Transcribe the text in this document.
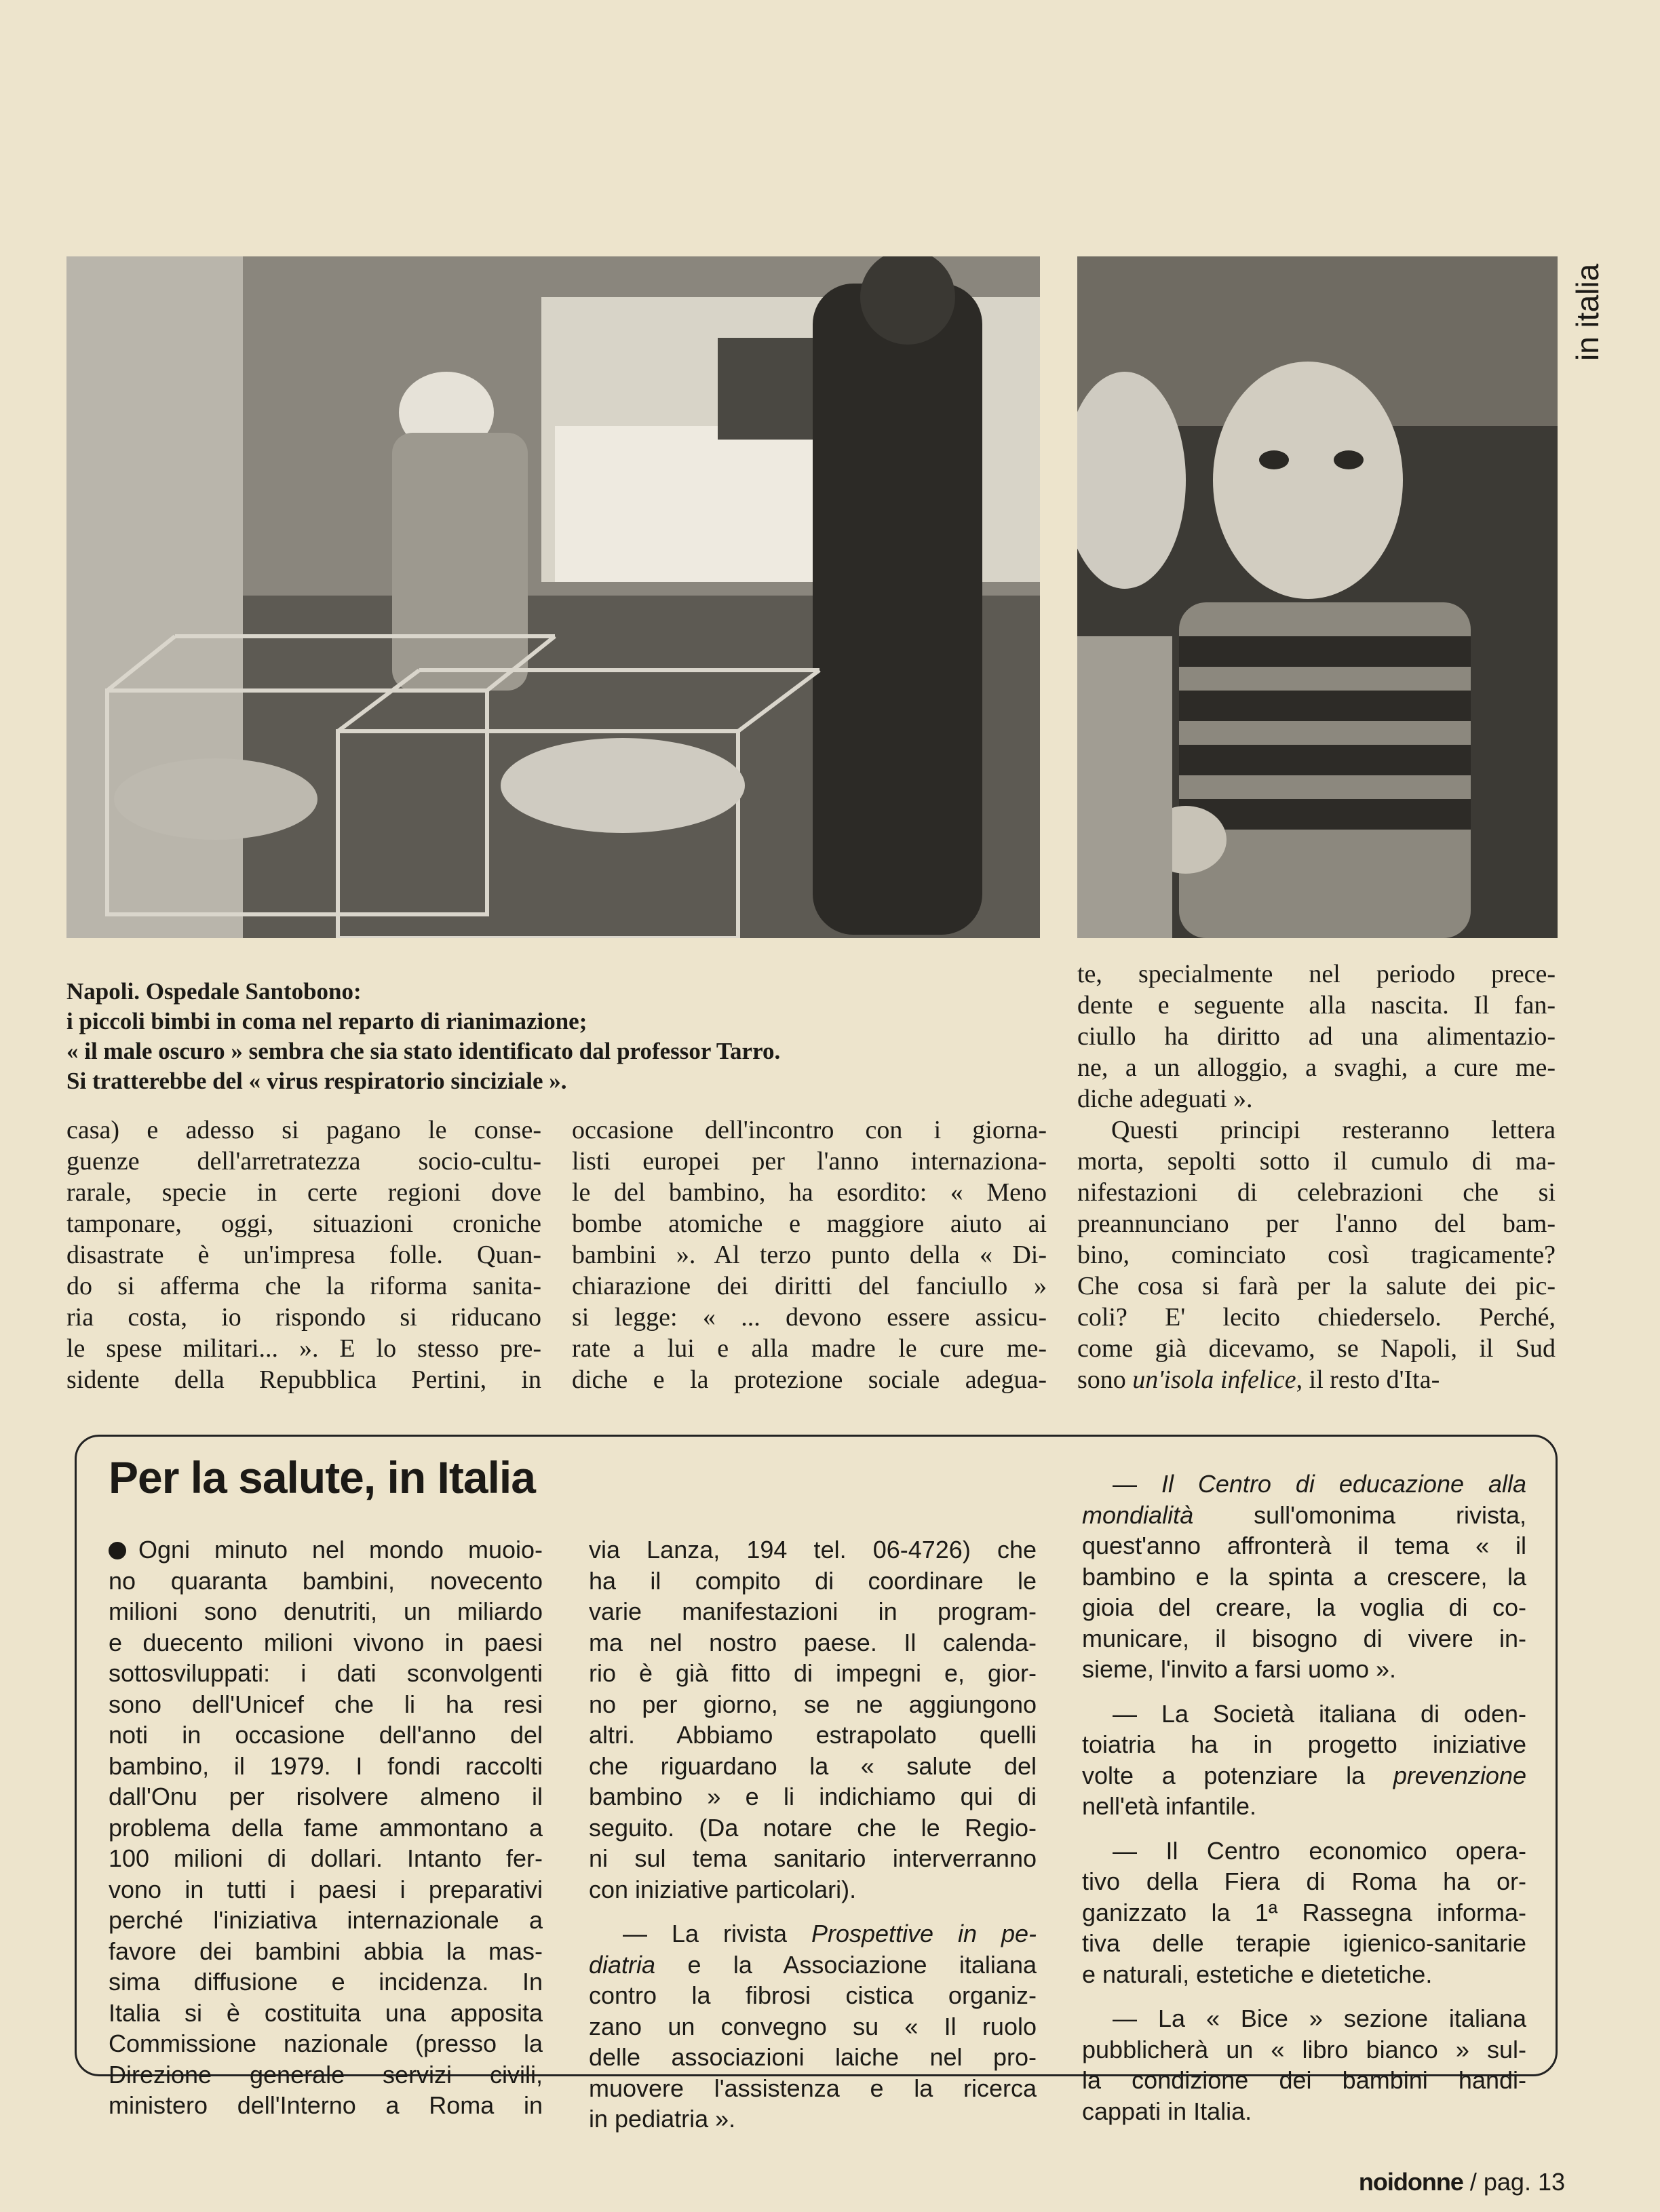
in italia
Napoli. Ospedale Santobono:
i piccoli bimbi in coma nel reparto di rianimazione;
« il male oscuro » sembra che sia stato identificato dal professor Tarro.
Si tratterebbe del « virus respiratorio sinciziale ».
casa) e adesso si pagano le conse-
guenze dell'arretratezza socio-cultu-
rarale, specie in certe regioni dove
tamponare, oggi, situazioni croniche
disastrate è un'impresa folle. Quan-
do si afferma che la riforma sanita-
ria costa, io rispondo si riducano
le spese militari... ». E lo stesso pre-
sidente della Repubblica Pertini, in
occasione dell'incontro con i giorna-
listi europei per l'anno internaziona-
le del bambino, ha esordito: « Meno
bombe atomiche e maggiore aiuto ai
bambini ». Al terzo punto della « Di-
chiarazione dei diritti del fanciullo »
si legge: « ... devono essere assicu-
rate a lui e alla madre le cure me-
diche e la protezione sociale adegua-
te, specialmente nel periodo prece-
dente e seguente alla nascita. Il fan-
ciullo ha diritto ad una alimentazio-
ne, a un alloggio, a svaghi, a cure me-
diche adeguati ».
Questi principi resteranno lettera
morta, sepolti sotto il cumulo di ma-
nifestazioni di celebrazioni che si
preannunciano per l'anno del bam-
bino, cominciato così tragicamente?
Che cosa si farà per la salute dei pic-
coli? E' lecito chiederselo. Perché,
come già dicevamo, se Napoli, il Sud
sono un'isola infelice, il resto d'Ita-
Per la salute, in Italia
Ogni minuto nel mondo muoio-
no quaranta bambini, novecento
milioni sono denutriti, un miliardo
e duecento milioni vivono in paesi
sottosviluppati: i dati sconvolgenti
sono dell'Unicef che li ha resi
noti in occasione dell'anno del
bambino, il 1979. I fondi raccolti
dall'Onu per risolvere almeno il
problema della fame ammontano a
100 milioni di dollari. Intanto fer-
vono in tutti i paesi i preparativi
perché l'iniziativa internazionale a
favore dei bambini abbia la mas-
sima diffusione e incidenza. In
Italia si è costituita una apposita
Commissione nazionale (presso la
Direzione generale servizi civili,
ministero dell'Interno a Roma in
via Lanza, 194 tel. 06-4726) che
ha il compito di coordinare le
varie manifestazioni in program-
ma nel nostro paese. Il calenda-
rio è già fitto di impegni e, gior-
no per giorno, se ne aggiungono
altri. Abbiamo estrapolato quelli
che riguardano la « salute del
bambino » e li indichiamo qui di
seguito. (Da notare che le Regio-
ni sul tema sanitario interverranno
con iniziative particolari).
— La rivista Prospettive in pe-
diatria e la Associazione italiana
contro la fibrosi cistica organiz-
zano un convegno su « Il ruolo
delle associazioni laiche nel pro-
muovere l'assistenza e la ricerca
in pediatria ».
— Il Centro di educazione alla
mondialità sull'omonima rivista,
quest'anno affronterà il tema « il
bambino e la spinta a crescere, la
gioia del creare, la voglia di co-
municare, il bisogno di vivere in-
sieme, l'invito a farsi uomo ».
— La Società italiana di oden-
toiatria ha in progetto iniziative
volte a potenziare la prevenzione
nell'età infantile.
— Il Centro economico opera-
tivo della Fiera di Roma ha or-
ganizzato la 1ª Rassegna informa-
tiva delle terapie igienico-sanitarie
e naturali, estetiche e dietetiche.
— La « Bice » sezione italiana
pubblicherà un « libro bianco » sul-
la condizione dei bambini handi-
cappati in Italia.
noidonne / pag. 13
